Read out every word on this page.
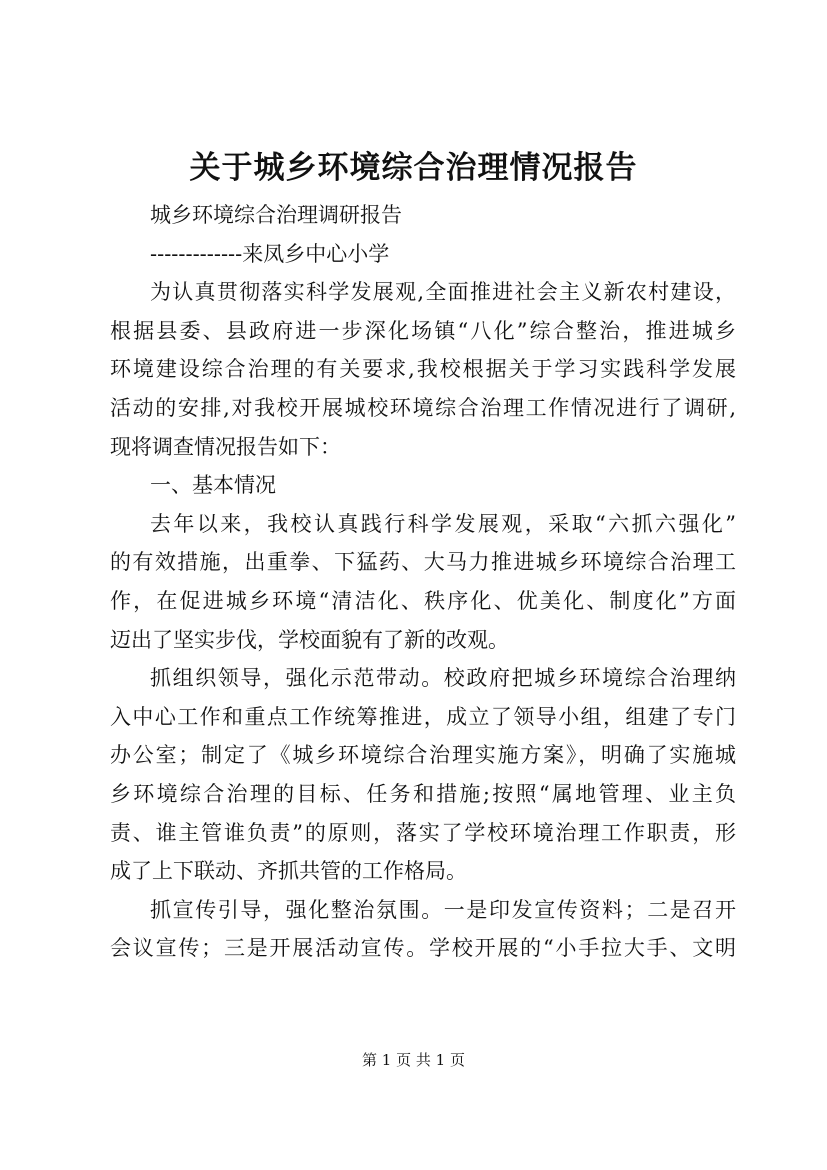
关于城乡环境综合治理情况报告
城乡环境综合治理调研报告
-------------来凤乡中心小学
为认真贯彻落实科学发展观,全面推进社会主义新农村建设，
根据县委、县政府进一步深化场镇“八化”综合整治，推进城乡
环境建设综合治理的有关要求,我校根据关于学习实践科学发展
活动的安排,对我校开展城校环境综合治理工作情况进行了调研,
现将调查情况报告如下：
一、基本情况
去年以来，我校认真践行科学发展观，采取“六抓六强化”
的有效措施，出重拳、下猛药、大马力推进城乡环境综合治理工
作，在促进城乡环境“清洁化、秩序化、优美化、制度化”方面
迈出了坚实步伐，学校面貌有了新的改观。
抓组织领导，强化示范带动。校政府把城乡环境综合治理纳
入中心工作和重点工作统筹推进，成立了领导小组，组建了专门
办公室；制定了《城乡环境综合治理实施方案》，明确了实施城
乡环境综合治理的目标、任务和措施;按照“属地管理、业主负
责、谁主管谁负责”的原则，落实了学校环境治理工作职责，形
成了上下联动、齐抓共管的工作格局。
抓宣传引导，强化整治氛围。一是印发宣传资料；二是召开
会议宣传；三是开展活动宣传。学校开展的“小手拉大手、文明
第 1 页 共 1 页
